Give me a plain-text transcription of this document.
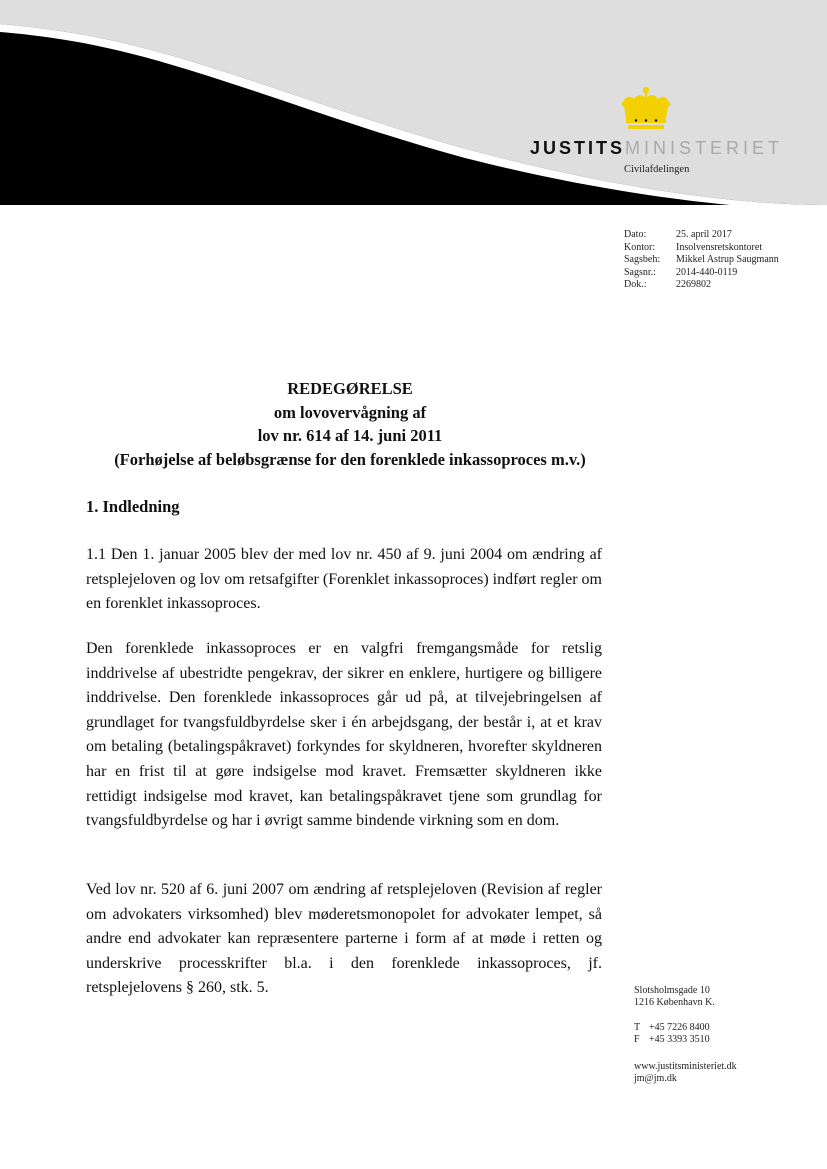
JUSTITSMINISTERIET
Civilafdelingen
Dato:	25. april 2017
Kontor:	Insolvensretskontoret
Sagsbeh:	Mikkel Astrup Saugmann
Sagsnr.:	2014-440-0119
Dok.:	2269802
REDEGØRELSE
om lovovervågning af
lov nr. 614 af 14. juni 2011
(Forhøjelse af beløbsgrænse for den forenklede inkassoproces m.v.)
1. Indledning

1.1 Den 1. januar 2005 blev der med lov nr. 450 af 9. juni 2004 om ændring af retsplejeloven og lov om retsafgifter (Forenklet inkassoproces) indført regler om en forenklet inkassoproces.

Den forenklede inkassoproces er en valgfri fremgangsmåde for retslig inddrivelse af ubestridte pengekrav, der sikrer en enklere, hurtigere og billigere inddrivelse. Den forenklede inkassoproces går ud på, at tilvejebringelsen af grundlaget for tvangsfuldbyrdelse sker i én arbejdsgang, der består i, at et krav om betaling (betalingspåkravet) forkyndes for skyldneren, hvorefter skyldneren har en frist til at gøre indsigelse mod kravet. Fremsætter skyldneren ikke rettidigt indsigelse mod kravet, kan betalingspåkravet tjene som grundlag for tvangsfuldbyrdelse og har i øvrigt samme bindende virkning som en dom.

Ved lov nr. 520 af 6. juni 2007 om ændring af retsplejeloven (Revision af regler om advokaters virksomhed) blev møderetsmonopolet for advokater lempet, så andre end advokater kan repræsentere parterne i form af at møde i retten og underskrive processkrifter bl.a. i den forenklede inkassoproces, jf. retsplejelovens § 260, stk. 5.	Slotsholmsgade 10
1216 København K.
T +45 7226 8400
F +45 3393 3510
www.justitsministeriet.dk
jm@jm.dk
